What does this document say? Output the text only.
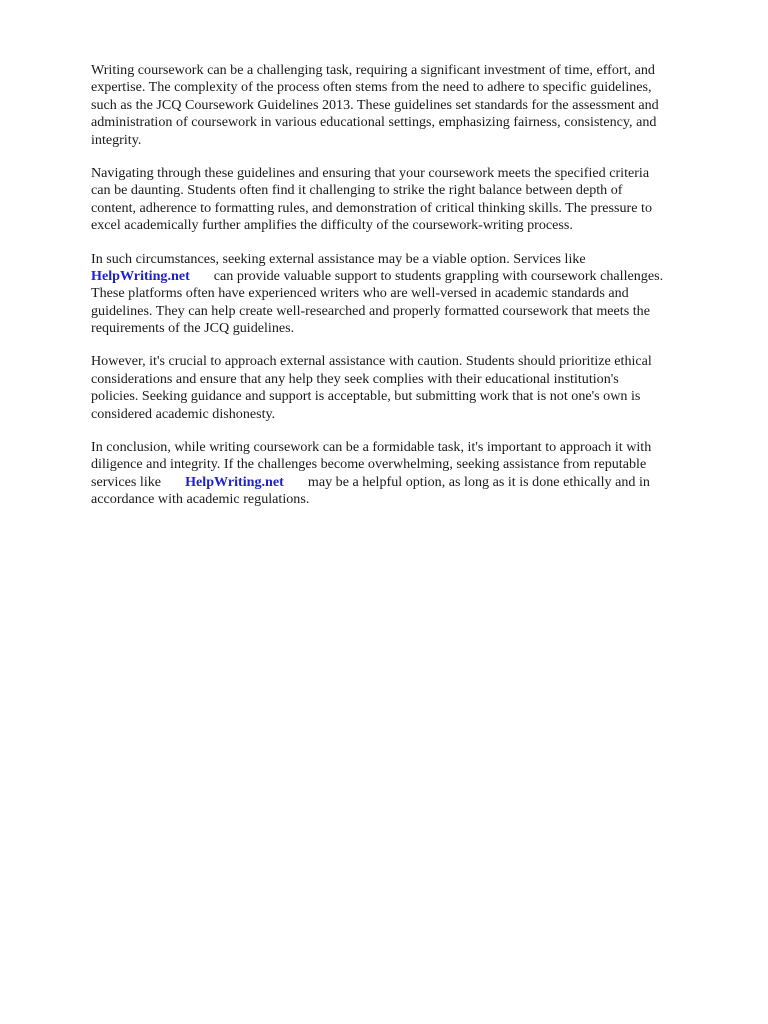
Writing coursework can be a challenging task, requiring a significant investment of time, effort, and
expertise. The complexity of the process often stems from the need to adhere to specific guidelines,
such as the JCQ Coursework Guidelines 2013. These guidelines set standards for the assessment and
administration of coursework in various educational settings, emphasizing fairness, consistency, and
integrity.

Navigating through these guidelines and ensuring that your coursework meets the specified criteria
can be daunting. Students often find it challenging to strike the right balance between depth of
content, adherence to formatting rules, and demonstration of critical thinking skills. The pressure to
excel academically further amplifies the difficulty of the coursework-writing process.

In such circumstances, seeking external assistance may be a viable option. Services like
HelpWriting.net can provide valuable support to students grappling with coursework challenges.
These platforms often have experienced writers who are well-versed in academic standards and
guidelines. They can help create well-researched and properly formatted coursework that meets the
requirements of the JCQ guidelines.

However, it's crucial to approach external assistance with caution. Students should prioritize ethical
considerations and ensure that any help they seek complies with their educational institution's
policies. Seeking guidance and support is acceptable, but submitting work that is not one's own is
considered academic dishonesty.

In conclusion, while writing coursework can be a formidable task, it's important to approach it with
diligence and integrity. If the challenges become overwhelming, seeking assistance from reputable
services like HelpWriting.net may be a helpful option, as long as it is done ethically and in
accordance with academic regulations.
